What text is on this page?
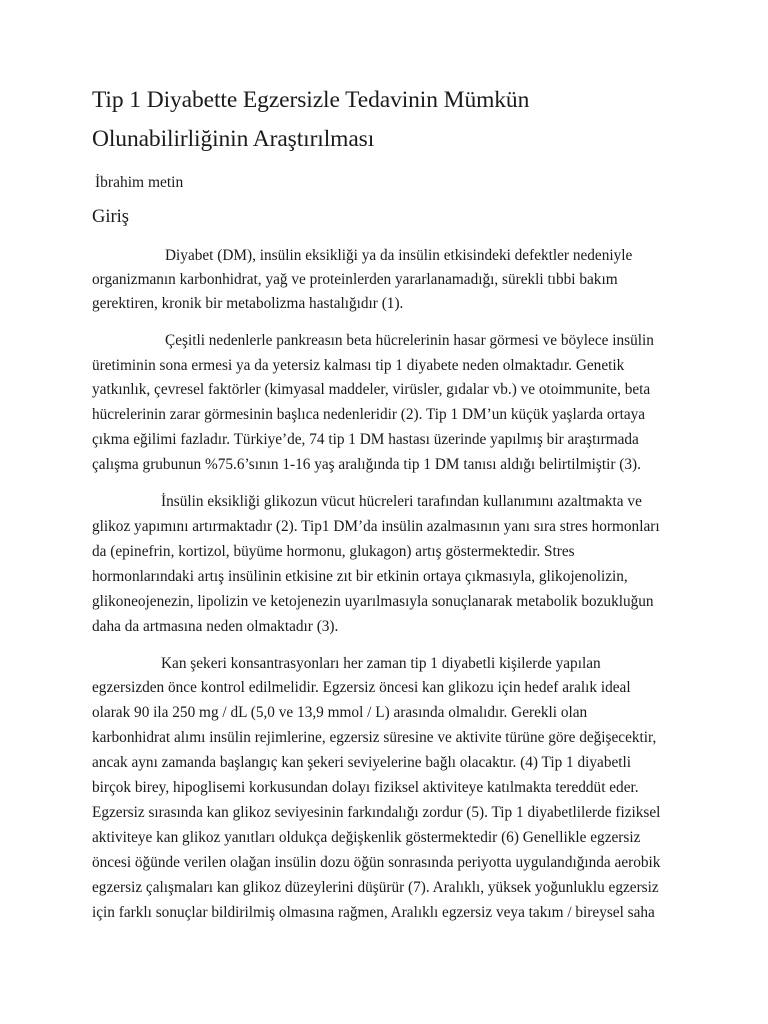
Tip 1 Diyabette Egzersizle Tedavinin Mümkün
Olunabilirliğinin Araştırılması
İbrahim metin
Giriş
Diyabet (DM), insülin eksikliği ya da insülin etkisindeki defektler nedeniyle
organizmanın karbonhidrat, yağ ve proteinlerden yararlanamadığı, sürekli tıbbi bakım
gerektiren, kronik bir metabolizma hastalığıdır (1).
Çeşitli nedenlerle pankreasın beta hücrelerinin hasar görmesi ve böylece insülin
üretiminin sona ermesi ya da yetersiz kalması tip 1 diyabete neden olmaktadır. Genetik
yatkınlık, çevresel faktörler (kimyasal maddeler, virüsler, gıdalar vb.) ve otoimmunite, beta
hücrelerinin zarar görmesinin başlıca nedenleridir (2). Tip 1 DM’un küçük yaşlarda ortaya
çıkma eğilimi fazladır. Türkiye’de, 74 tip 1 DM hastası üzerinde yapılmış bir araştırmada
çalışma grubunun %75.6’sının 1-16 yaş aralığında tip 1 DM tanısı aldığı belirtilmiştir (3).
İnsülin eksikliği glikozun vücut hücreleri tarafından kullanımını azaltmakta ve
glikoz yapımını artırmaktadır (2). Tip1 DM’da insülin azalmasının yanı sıra stres hormonları
da (epinefrin, kortizol, büyüme hormonu, glukagon) artış göstermektedir. Stres
hormonlarındaki artış insülinin etkisine zıt bir etkinin ortaya çıkmasıyla, glikojenolizin,
glikoneojenezin, lipolizin ve ketojenezin uyarılmasıyla sonuçlanarak metabolik bozukluğun
daha da artmasına neden olmaktadır (3).
Kan şekeri konsantrasyonları her zaman tip 1 diyabetli kişilerde yapılan
egzersizden önce kontrol edilmelidir. Egzersiz öncesi kan glikozu için hedef aralık ideal
olarak 90 ila 250 mg / dL (5,0 ve 13,9 mmol / L) arasında olmalıdır. Gerekli olan
karbonhidrat alımı insülin rejimlerine, egzersiz süresine ve aktivite türüne göre değişecektir,
ancak aynı zamanda başlangıç kan şekeri seviyelerine bağlı olacaktır. (4) Tip 1 diyabetli
birçok birey, hipoglisemi korkusundan dolayı fiziksel aktiviteye katılmakta tereddüt eder.
Egzersiz sırasında kan glikoz seviyesinin farkındalığı zordur (5). Tip 1 diyabetlilerde fiziksel
aktiviteye kan glikoz yanıtları oldukça değişkenlik göstermektedir (6) Genellikle egzersiz
öncesi öğünde verilen olağan insülin dozu öğün sonrasında periyotta uygulandığında aerobik
egzersiz çalışmaları kan glikoz düzeylerini düşürür (7). Aralıklı, yüksek yoğunluklu egzersiz
için farklı sonuçlar bildirilmiş olmasına rağmen, Aralıklı egzersiz veya takım / bireysel saha
